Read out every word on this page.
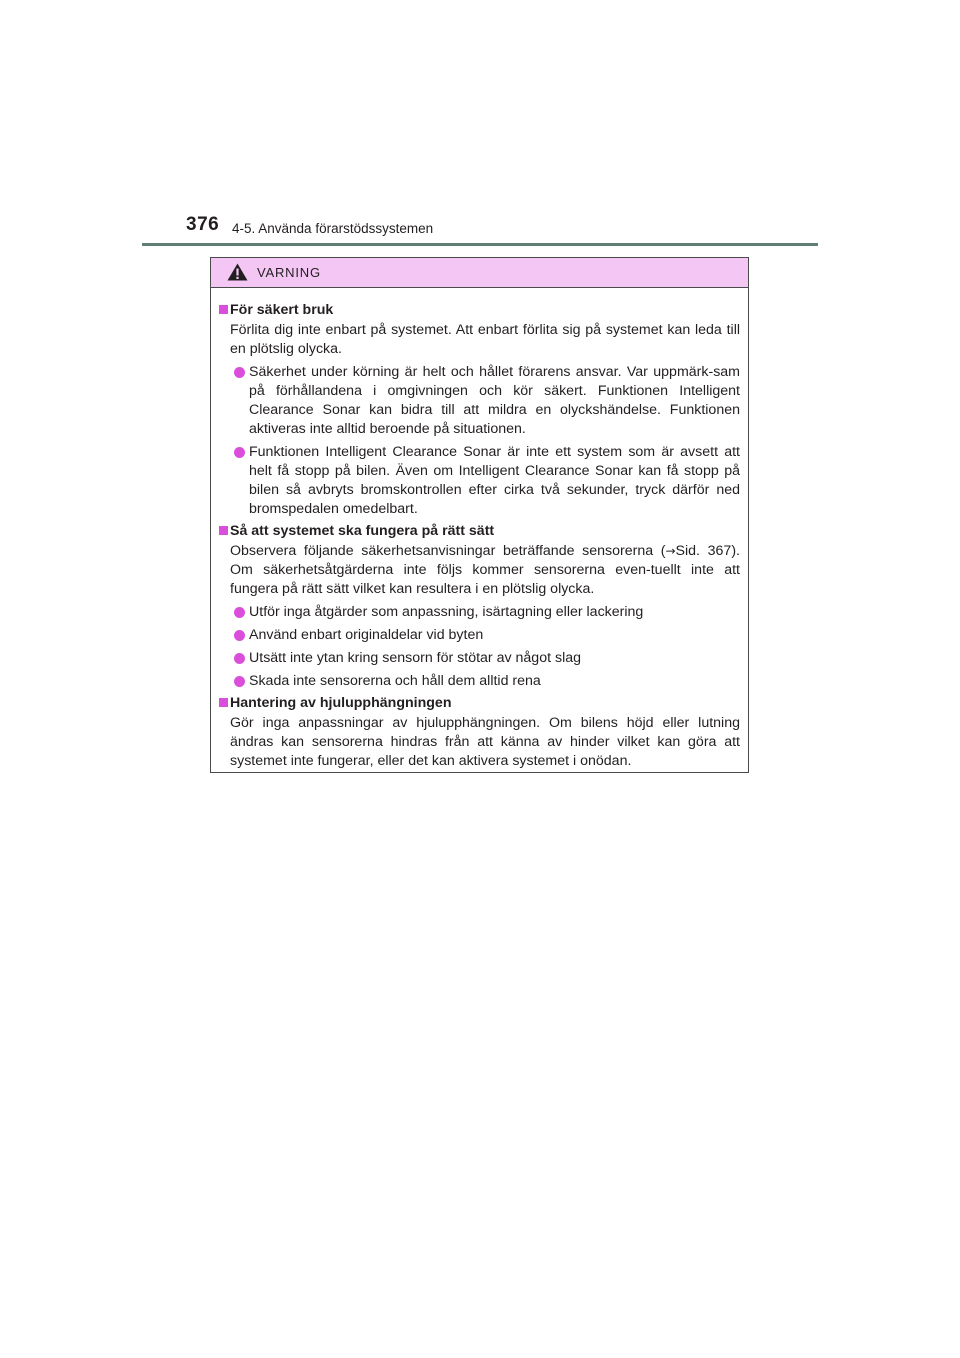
376 4-5. Använda förarstödssystemen
VARNING
För säkert bruk
Förlita dig inte enbart på systemet. Att enbart förlita sig på systemet kan leda till en plötslig olycka.
Säkerhet under körning är helt och hållet förarens ansvar. Var uppmärk-sam på förhållandena i omgivningen och kör säkert. Funktionen Intelligent Clearance Sonar kan bidra till att mildra en olyckshändelse. Funktionen aktiveras inte alltid beroende på situationen.
Funktionen Intelligent Clearance Sonar är inte ett system som är avsett att helt få stopp på bilen. Även om Intelligent Clearance Sonar kan få stopp på bilen så avbryts bromskontrollen efter cirka två sekunder, tryck därför ned bromspedalen omedelbart.
Så att systemet ska fungera på rätt sätt
Observera följande säkerhetsanvisningar beträffande sensorerna (→Sid. 367). Om säkerhetsåtgärderna inte följs kommer sensorerna even-tuellt inte att fungera på rätt sätt vilket kan resultera i en plötslig olycka.
Utför inga åtgärder som anpassning, isärtagning eller lackering
Använd enbart originaldelar vid byten
Utsätt inte ytan kring sensorn för stötar av något slag
Skada inte sensorerna och håll dem alltid rena
Hantering av hjulupphängningen
Gör inga anpassningar av hjulupphängningen. Om bilens höjd eller lutning ändras kan sensorerna hindras från att känna av hinder vilket kan göra att systemet inte fungerar, eller det kan aktivera systemet i onödan.
